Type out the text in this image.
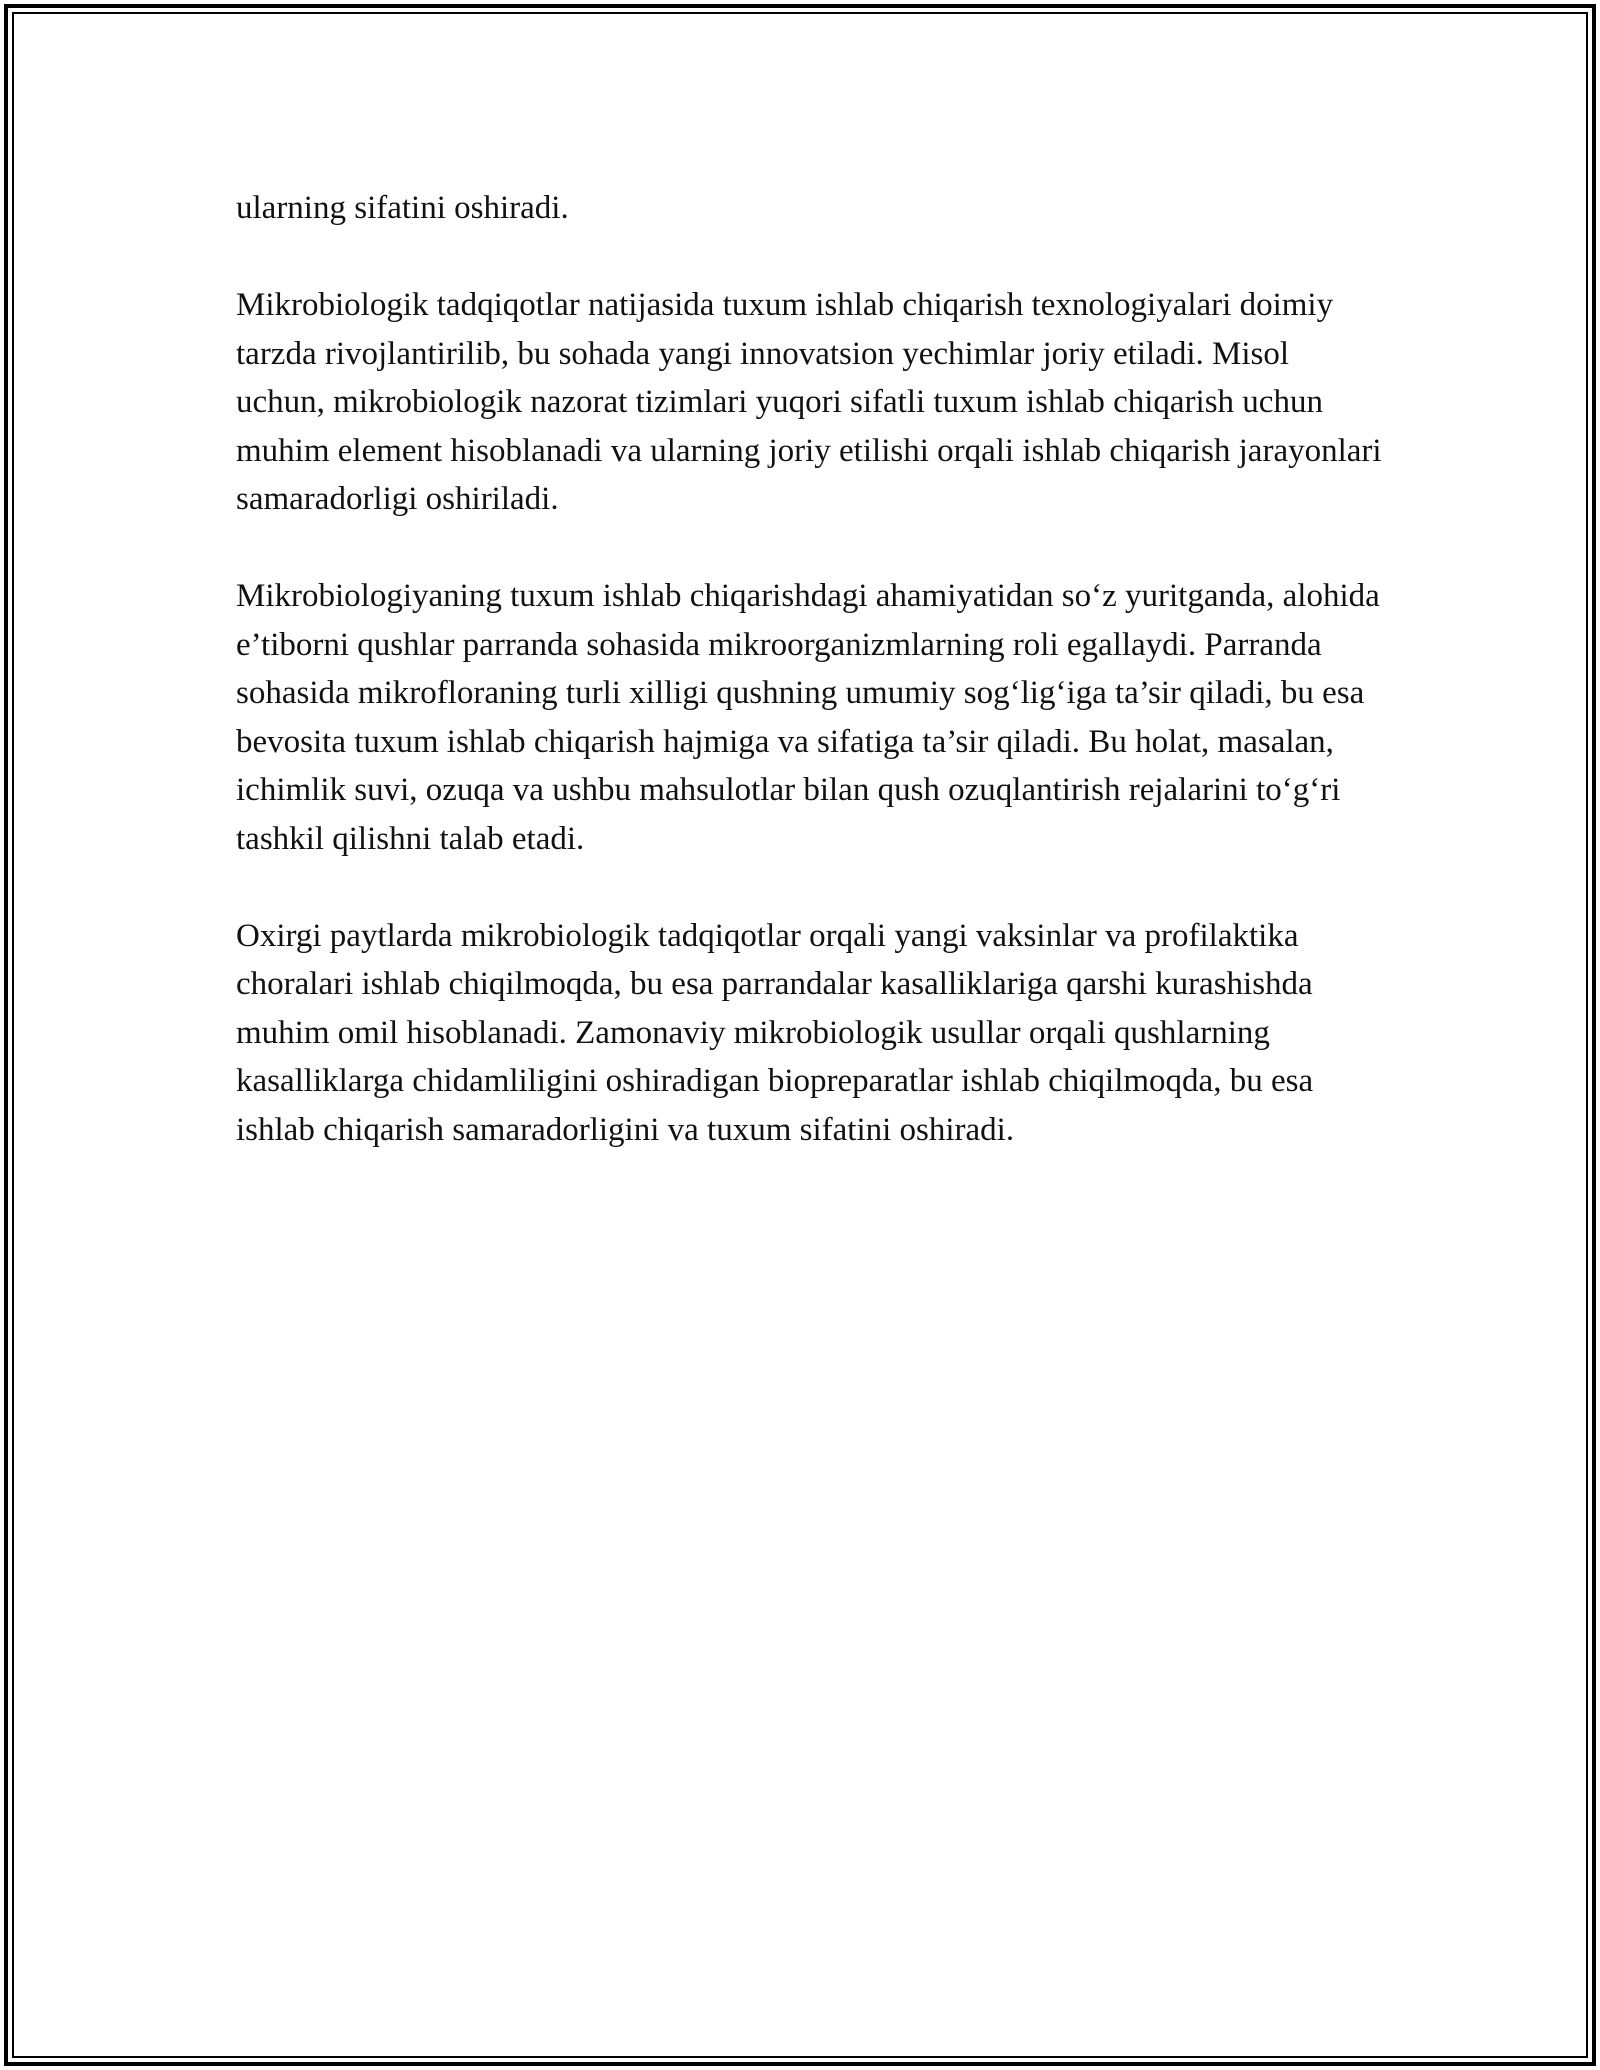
ularning sifatini oshiradi.

Mikrobiologik tadqiqotlar natijasida tuxum ishlab chiqarish texnologiyalari doimiy tarzda rivojlantirilib, bu sohada yangi innovatsion yechimlar joriy etiladi. Misol uchun, mikrobiologik nazorat tizimlari yuqori sifatli tuxum ishlab chiqarish uchun muhim element hisoblanadi va ularning joriy etilishi orqali ishlab chiqarish jarayonlari samaradorligi oshiriladi.

Mikrobiologiyaning tuxum ishlab chiqarishdagi ahamiyatidan so‘z yuritganda, alohida e’tiborni qushlar parranda sohasida mikroorganizmlarning roli egallaydi. Parranda sohasida mikrofloraning turli xilligi qushning umumiy sog‘lig‘iga ta’sir qiladi, bu esa bevosita tuxum ishlab chiqarish hajmiga va sifatiga ta’sir qiladi. Bu holat, masalan, ichimlik suvi, ozuqa va ushbu mahsulotlar bilan qush ozuqlantirish rejalarini to‘g‘ri tashkil qilishni talab etadi.

Oxirgi paytlarda mikrobiologik tadqiqotlar orqali yangi vaksinlar va profilaktika choralari ishlab chiqilmoqda, bu esa parrandalar kasalliklariga qarshi kurashishda muhim omil hisoblanadi. Zamonaviy mikrobiologik usullar orqali qushlarning kasalliklarga chidamliligini oshiradigan biopreparatlar ishlab chiqilmoqda, bu esa ishlab chiqarish samaradorligini va tuxum sifatini oshiradi.
